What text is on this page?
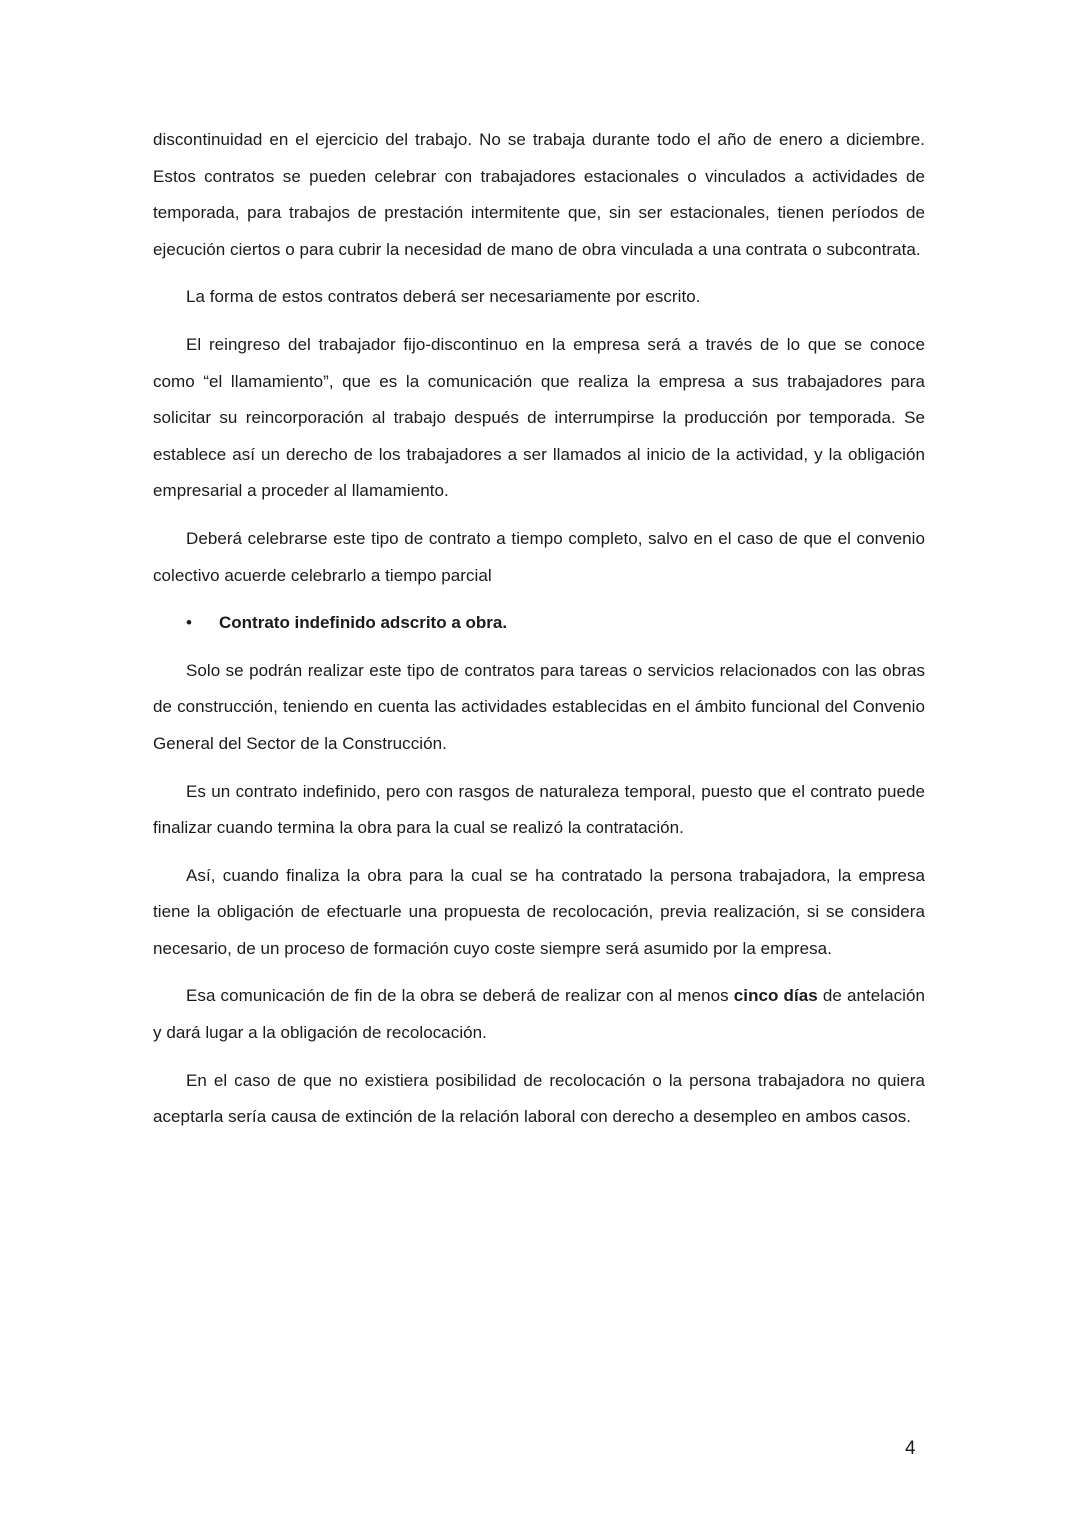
discontinuidad en el ejercicio del trabajo. No se trabaja durante todo el año de enero a diciembre. Estos contratos se pueden celebrar con trabajadores estacionales o vinculados a actividades de temporada, para trabajos de prestación intermitente que, sin ser estacionales, tienen períodos de ejecución ciertos o para cubrir la necesidad de mano de obra vinculada a una contrata o subcontrata.

La forma de estos contratos deberá ser necesariamente por escrito.

El reingreso del trabajador fijo-discontinuo en la empresa será a través de lo que se conoce como “el llamamiento”, que es la comunicación que realiza la empresa a sus trabajadores para solicitar su reincorporación al trabajo después de interrumpirse la producción por temporada. Se establece así un derecho de los trabajadores a ser llamados al inicio de la actividad, y la obligación empresarial a proceder al llamamiento.

Deberá celebrarse este tipo de contrato a tiempo completo, salvo en el caso de que el convenio colectivo acuerde celebrarlo a tiempo parcial

•	Contrato indefinido adscrito a obra.

Solo se podrán realizar este tipo de contratos para tareas o servicios relacionados con las obras de construcción, teniendo en cuenta las actividades establecidas en el ámbito funcional del Convenio General del Sector de la Construcción.

Es un contrato indefinido, pero con rasgos de naturaleza temporal, puesto que el contrato puede finalizar cuando termina la obra para la cual se realizó la contratación.

Así, cuando finaliza la obra para la cual se ha contratado la persona trabajadora, la empresa tiene la obligación de efectuarle una propuesta de recolocación, previa realización, si se considera necesario, de un proceso de formación cuyo coste siempre será asumido por la empresa.

Esa comunicación de fin de la obra se deberá de realizar con al menos cinco días de antelación y dará lugar a la obligación de recolocación.

En el caso de que no existiera posibilidad de recolocación o la persona trabajadora no quiera aceptarla sería causa de extinción de la relación laboral con derecho a desempleo en ambos casos.

4
